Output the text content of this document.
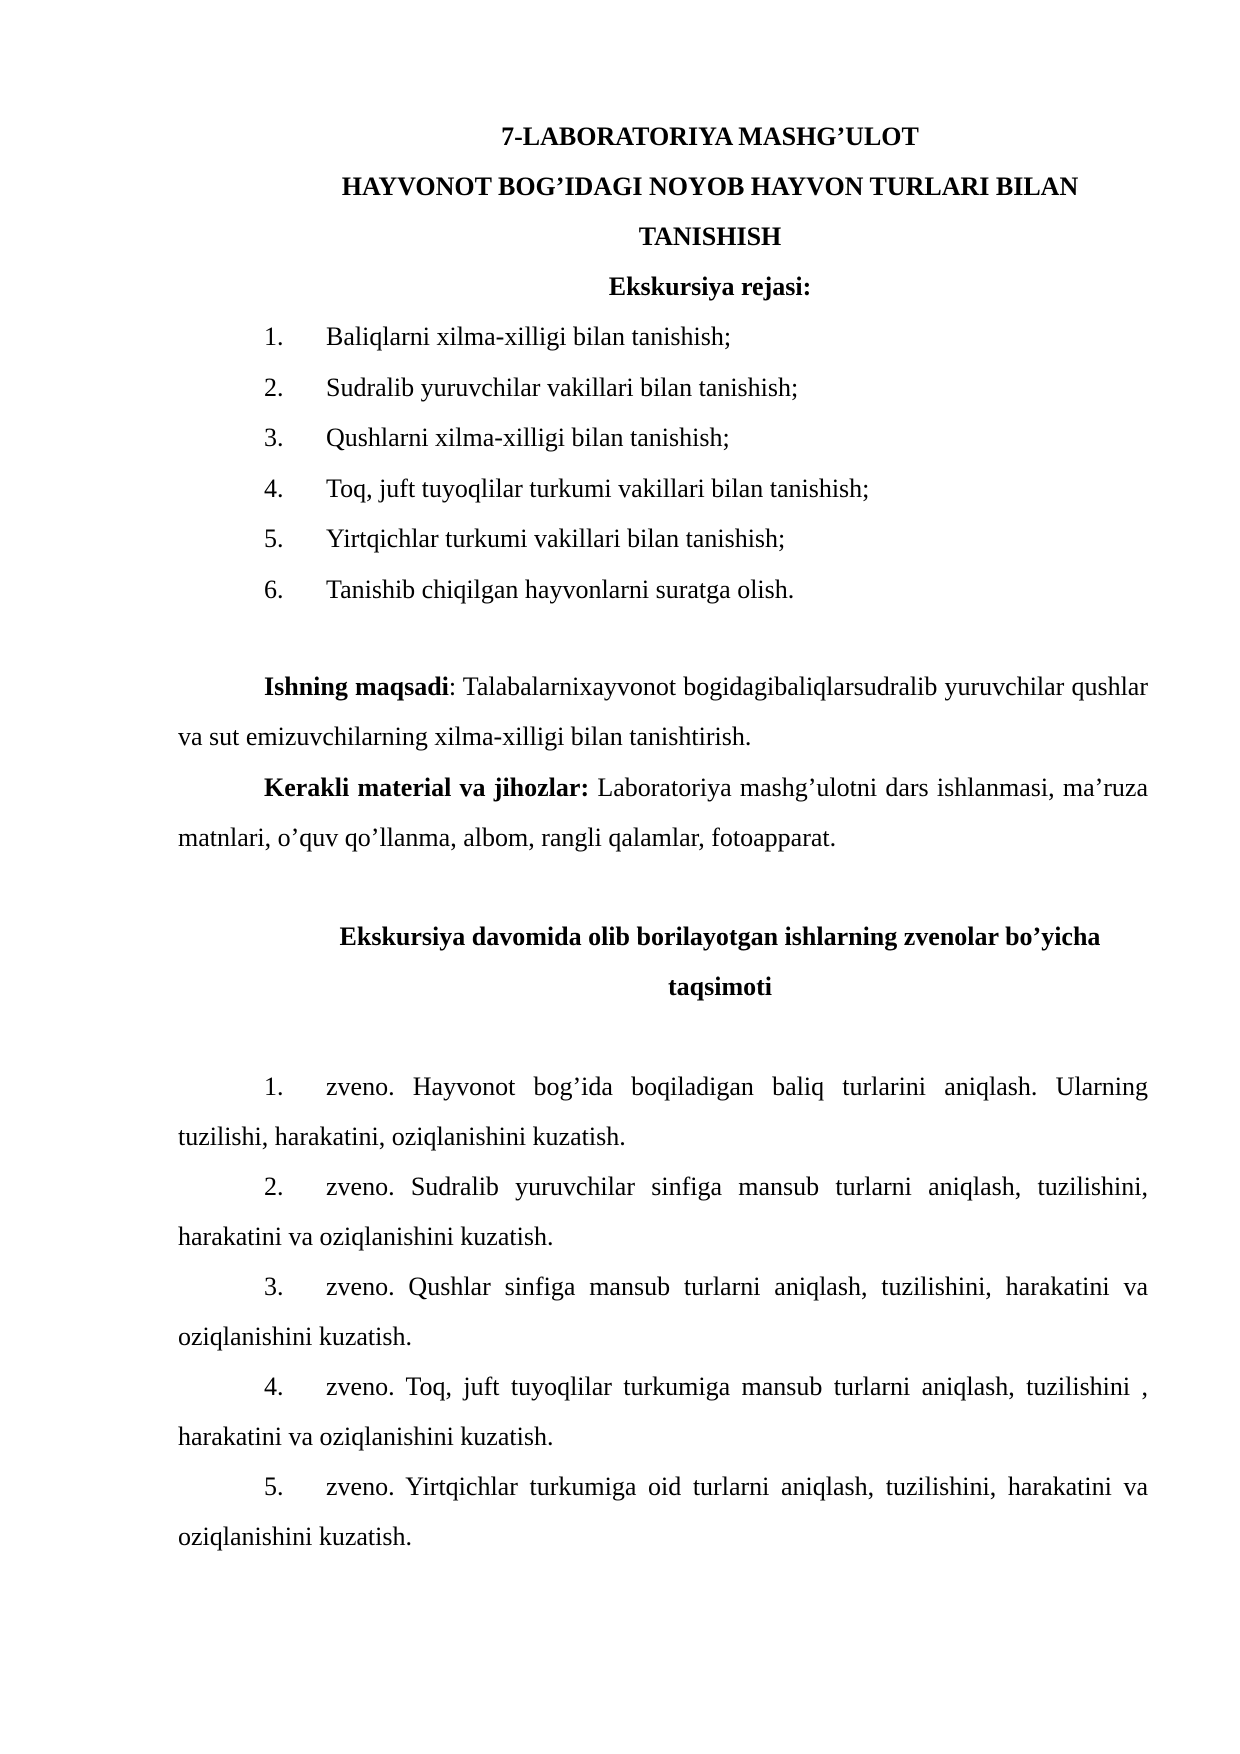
7-LABORATORIYA MASHG’ULOT
HAYVONOT BOG’IDAGI NOYOB HAYVON TURLARI BILAN
TANISHISH
Ekskursiya rejasi:
1. Baliqlarni xilma-xilligi bilan tanishish;
2. Sudralib yuruvchilar vakillari bilan tanishish;
3. Qushlarni xilma-xilligi bilan tanishish;
4. Toq, juft tuyoqlilar turkumi vakillari bilan tanishish;
5. Yirtqichlar turkumi vakillari bilan tanishish;
6. Tanishib chiqilgan hayvonlarni suratga olish.

Ishning maqsadi: Talabalarnixayvonot bogidagibaliqlarsudralib yuruvchilar qushlar va sut emizuvchilarning xilma-xilligi bilan tanishtirish.

Kerakli material va jihozlar: Laboratoriya mashg’ulotni dars ishlanmasi, ma’ruza matnlari, o’quv qo’llanma, albom, rangli qalamlar, fotoapparat.

Ekskursiya davomida olib borilayotgan ishlarning zvenolar bo’yicha
taqsimoti
1. zveno. Hayvonot bog’ida boqiladigan baliq turlarini aniqlash. Ularning tuzilishi, harakatini, oziqlanishini kuzatish.
2. zveno. Sudralib yuruvchilar sinfiga mansub turlarni aniqlash, tuzilishini, harakatini va oziqlanishini kuzatish.
3. zveno. Qushlar sinfiga mansub turlarni aniqlash, tuzilishini, harakatini va oziqlanishini kuzatish.
4. zveno. Toq, juft tuyoqlilar turkumiga mansub turlarni aniqlash, tuzilishini , harakatini va oziqlanishini kuzatish.
5. zveno. Yirtqichlar turkumiga oid turlarni aniqlash, tuzilishini, harakatini va oziqlanishini kuzatish.
